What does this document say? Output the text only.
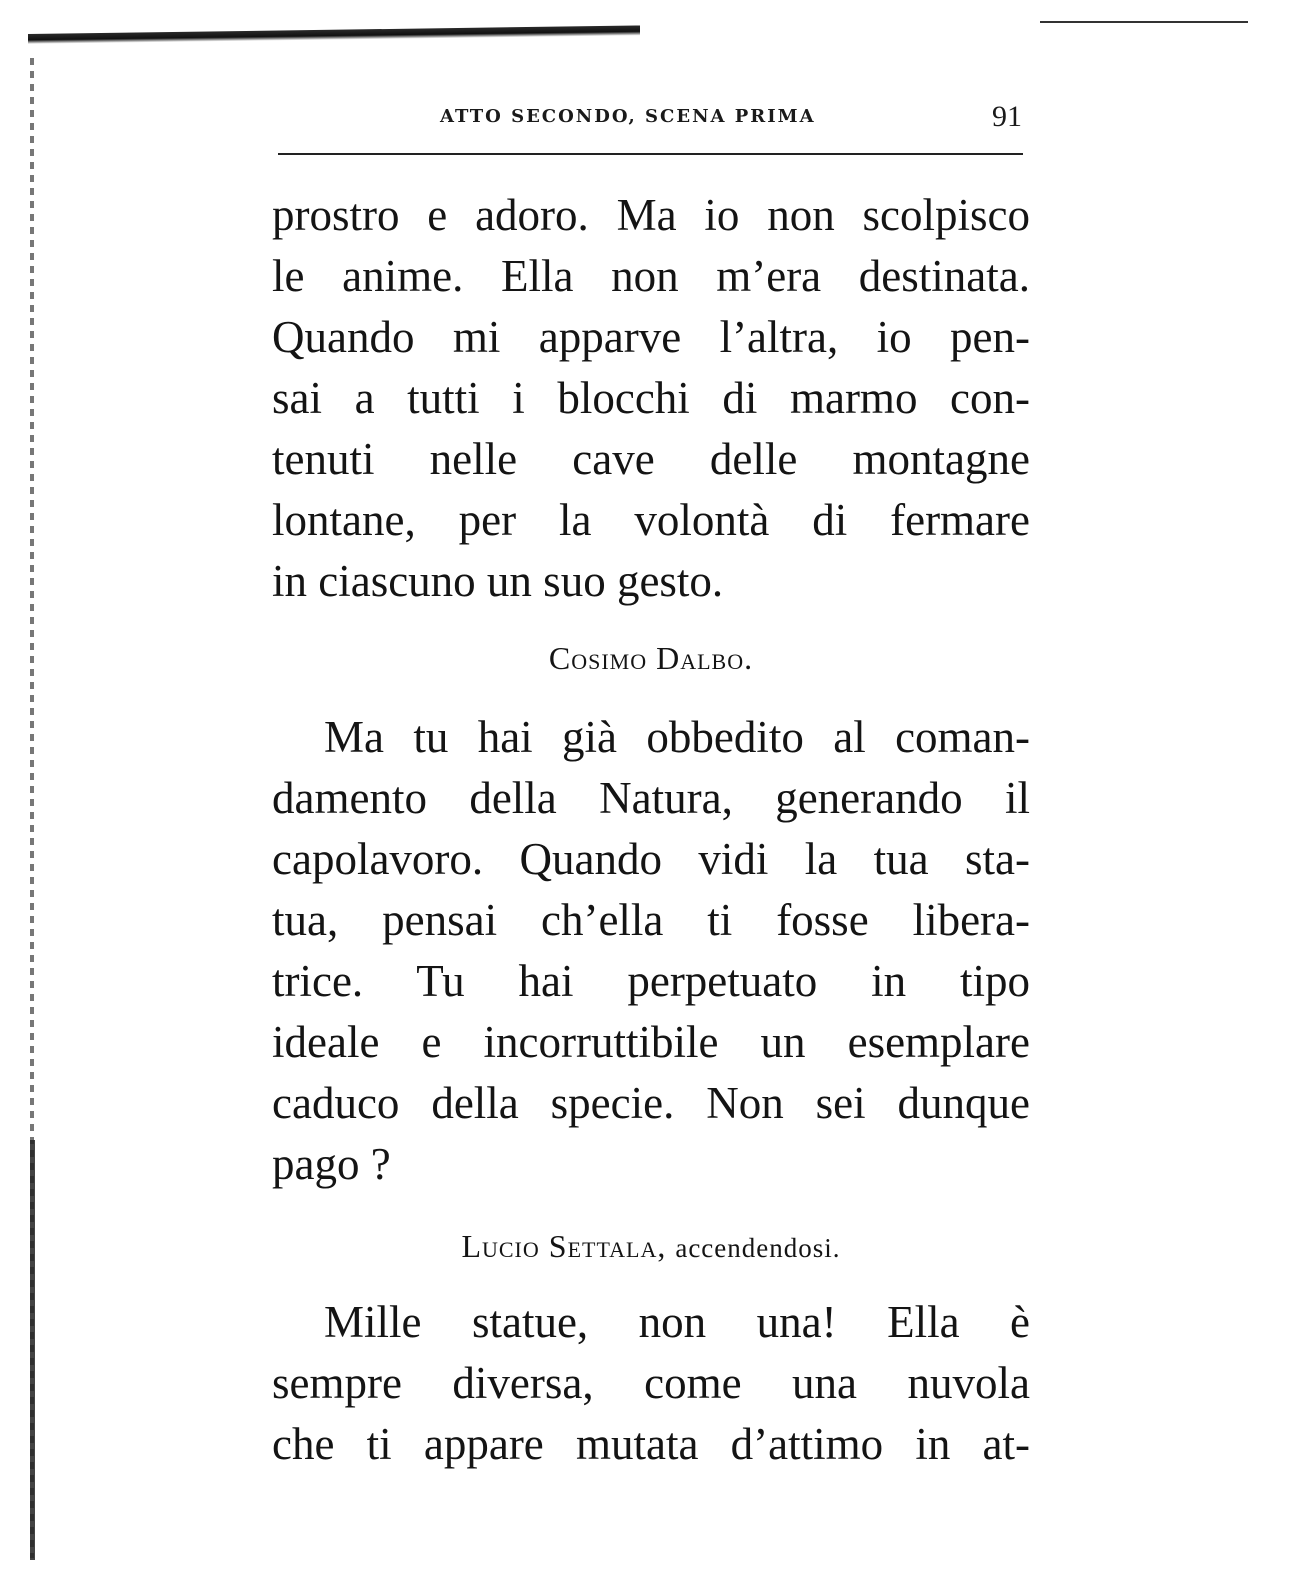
ATTO SECONDO, SCENA PRIMA	91
prostro e adoro. Ma io non scolpisco
le anime. Ella non m’era destinata.
Quando mi apparve l’altra, io pen-
sai a tutti i blocchi di marmo con-
tenuti nelle cave delle montagne
lontane, per la volontà di fermare
in ciascuno un suo gesto.
Cosimo Dalbo.
Ma tu hai già obbedito al coman-
damento della Natura, generando il
capolavoro. Quando vidi la tua sta-
tua, pensai ch’ella ti fosse libera-
trice. Tu hai perpetuato in tipo
ideale e incorruttibile un esemplare
caduco della specie. Non sei dunque
pago ?
Lucio Settala, accendendosi.
Mille statue, non una! Ella è
sempre diversa, come una nuvola
che ti appare mutata d’attimo in at-
